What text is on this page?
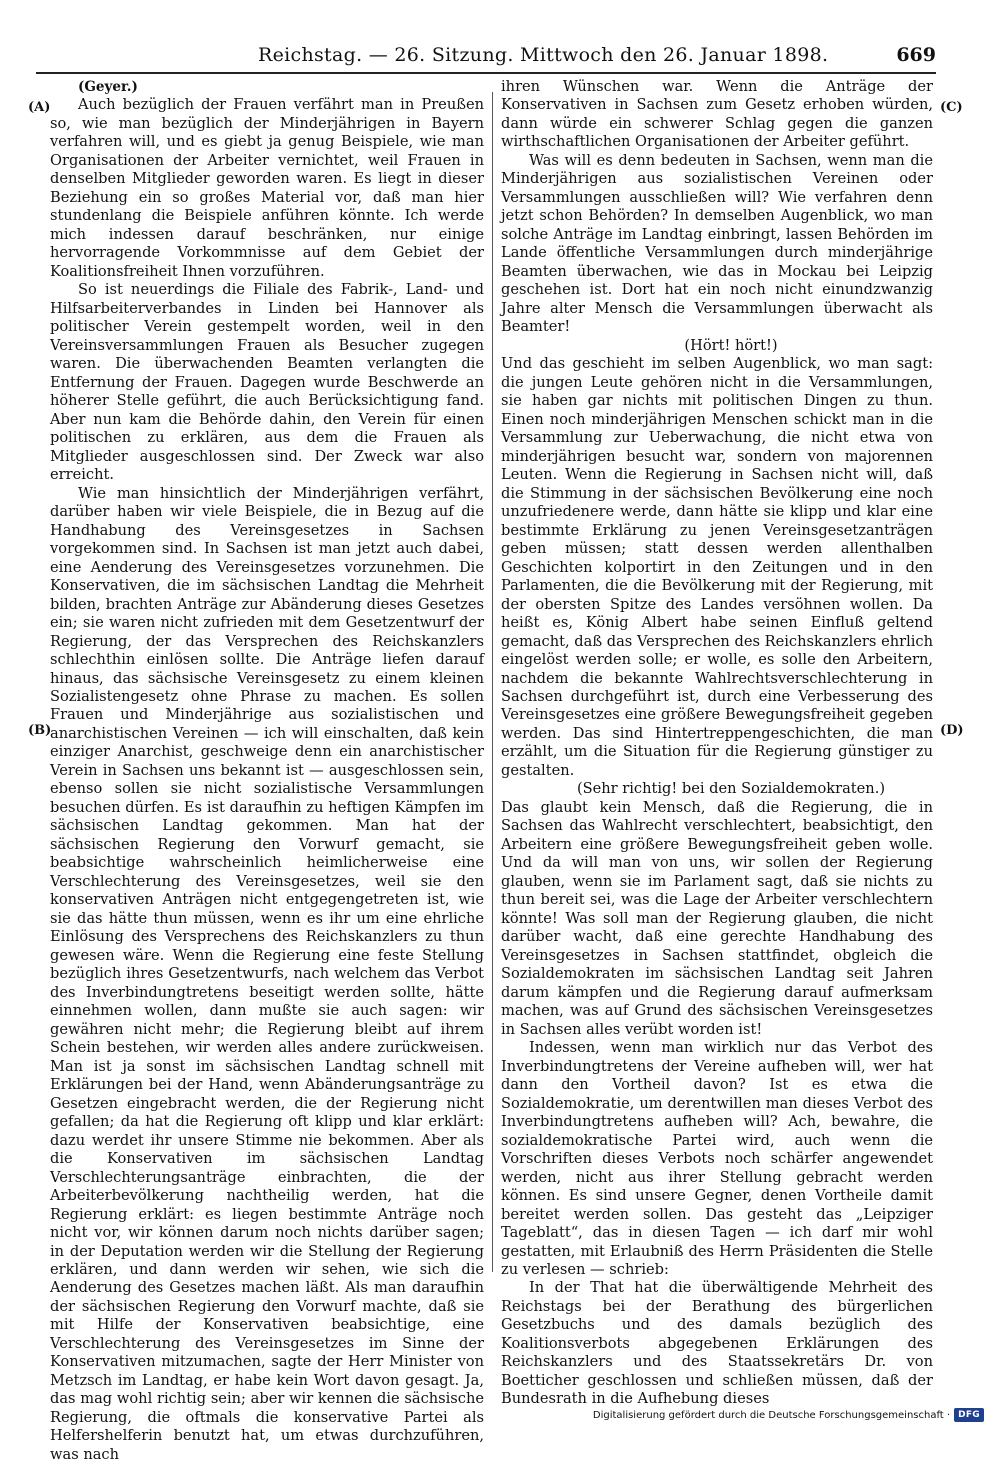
Reichstag. — 26. Sitzung. Mittwoch den 26. Januar 1898.	669
(A)
(B)
(C)
(D)

(Geyer.)

Auch bezüglich der Frauen verfährt man in Preußen so, wie man bezüglich der Minderjährigen in Bayern verfahren will, und es giebt ja genug Beispiele, wie man Organisationen der Arbeiter vernichtet, weil Frauen in denselben Mitglieder geworden waren. Es liegt in dieser Beziehung ein so großes Material vor, daß man hier stundenlang die Beispiele anführen könnte. Ich werde mich indessen darauf beschränken, nur einige hervorragende Vorkommnisse auf dem Gebiet der Koalitionsfreiheit Ihnen vorzuführen.

So ist neuerdings die Filiale des Fabrik-, Land- und Hilfsarbeiterverbandes in Linden bei Hannover als politischer Verein gestempelt worden, weil in den Vereinsversammlungen Frauen als Besucher zugegen waren. Die überwachenden Beamten verlangten die Entfernung der Frauen. Dagegen wurde Beschwerde an höherer Stelle geführt, die auch Berücksichtigung fand. Aber nun kam die Behörde dahin, den Verein für einen politischen zu erklären, aus dem die Frauen als Mitglieder ausgeschlossen sind. Der Zweck war also erreicht.

Wie man hinsichtlich der Minderjährigen verfährt, darüber haben wir viele Beispiele, die in Bezug auf die Handhabung des Vereinsgesetzes in Sachsen vorgekommen sind. In Sachsen ist man jetzt auch dabei, eine Aenderung des Vereinsgesetzes vorzunehmen. Die Konservativen, die im sächsischen Landtag die Mehrheit bilden, brachten Anträge zur Abänderung dieses Gesetzes ein; sie waren nicht zufrieden mit dem Gesetzentwurf der Regierung, der das Versprechen des Reichskanzlers schlechthin einlösen sollte. Die Anträge liefen darauf hinaus, das sächsische Vereinsgesetz zu einem kleinen Sozialistengesetz ohne Phrase zu machen. Es sollen Frauen und Minderjährige aus sozialistischen und anarchistischen Vereinen — ich will einschalten, daß kein einziger Anarchist, geschweige denn ein anarchistischer Verein in Sachsen uns bekannt ist — ausgeschlossen sein, ebenso sollen sie nicht sozialistische Versammlungen besuchen dürfen. Es ist daraufhin zu heftigen Kämpfen im sächsischen Landtag gekommen. Man hat der sächsischen Regierung den Vorwurf gemacht, sie beabsichtige wahrscheinlich heimlicherweise eine Verschlechterung des Vereinsgesetzes, weil sie den konservativen Anträgen nicht entgegengetreten ist, wie sie das hätte thun müssen, wenn es ihr um eine ehrliche Einlösung des Versprechens des Reichskanzlers zu thun gewesen wäre. Wenn die Regierung eine feste Stellung bezüglich ihres Gesetzentwurfs, nach welchem das Verbot des Inverbindungtretens beseitigt werden sollte, hätte einnehmen wollen, dann mußte sie auch sagen: wir gewähren nicht mehr; die Regierung bleibt auf ihrem Schein bestehen, wir werden alles andere zurückweisen. Man ist ja sonst im sächsischen Landtag schnell mit Erklärungen bei der Hand, wenn Abänderungsanträge zu Gesetzen eingebracht werden, die der Regierung nicht gefallen; da hat die Regierung oft klipp und klar erklärt: dazu werdet ihr unsere Stimme nie bekommen. Aber als die Konservativen im sächsischen Landtag Verschlechterungsanträge einbrachten, die der Arbeiterbevölkerung nachtheilig werden, hat die Regierung erklärt: es liegen bestimmte Anträge noch nicht vor, wir können darum noch nichts darüber sagen; in der Deputation werden wir die Stellung der Regierung erklären, und dann werden wir sehen, wie sich die Aenderung des Gesetzes machen läßt. Als man daraufhin der sächsischen Regierung den Vorwurf machte, daß sie mit Hilfe der Konservativen beabsichtige, eine Verschlechterung des Vereinsgesetzes im Sinne der Konservativen mitzumachen, sagte der Herr Minister von Metzsch im Landtag, er habe kein Wort davon gesagt. Ja, das mag wohl richtig sein; aber wir kennen die sächsische Regierung, die oftmals die konservative Partei als Helfershelferin benutzt hat, um etwas durchzuführen, was nach

ihren Wünschen war. Wenn die Anträge der Konservativen in Sachsen zum Gesetz erhoben würden, dann würde ein schwerer Schlag gegen die ganzen wirthschaftlichen Organisationen der Arbeiter geführt.

Was will es denn bedeuten in Sachsen, wenn man die Minderjährigen aus sozialistischen Vereinen oder Versammlungen ausschließen will? Wie verfahren denn jetzt schon Behörden? In demselben Augenblick, wo man solche Anträge im Landtag einbringt, lassen Behörden im Lande öffentliche Versammlungen durch minderjährige Beamten überwachen, wie das in Mockau bei Leipzig geschehen ist. Dort hat ein noch nicht einundzwanzig Jahre alter Mensch die Versammlungen überwacht als Beamter!

(Hört! hört!)

Und das geschieht im selben Augenblick, wo man sagt: die jungen Leute gehören nicht in die Versammlungen, sie haben gar nichts mit politischen Dingen zu thun. Einen noch minderjährigen Menschen schickt man in die Versammlung zur Ueberwachung, die nicht etwa von minderjährigen besucht war, sondern von majorennen Leuten. Wenn die Regierung in Sachsen nicht will, daß die Stimmung in der sächsischen Bevölkerung eine noch unzufriedenere werde, dann hätte sie klipp und klar eine bestimmte Erklärung zu jenen Vereinsgesetzanträgen geben müssen; statt dessen werden allenthalben Geschichten kolportirt in den Zeitungen und in den Parlamenten, die die Bevölkerung mit der Regierung, mit der obersten Spitze des Landes versöhnen wollen. Da heißt es, König Albert habe seinen Einfluß geltend gemacht, daß das Versprechen des Reichskanzlers ehrlich eingelöst werden solle; er wolle, es solle den Arbeitern, nachdem die bekannte Wahlrechtsverschlechterung in Sachsen durchgeführt ist, durch eine Verbesserung des Vereinsgesetzes eine größere Bewegungsfreiheit gegeben werden. Das sind Hintertreppengeschichten, die man erzählt, um die Situation für die Regierung günstiger zu gestalten.

(Sehr richtig! bei den Sozialdemokraten.)

Das glaubt kein Mensch, daß die Regierung, die in Sachsen das Wahlrecht verschlechtert, beabsichtigt, den Arbeitern eine größere Bewegungsfreiheit geben wolle. Und da will man von uns, wir sollen der Regierung glauben, wenn sie im Parlament sagt, daß sie nichts zu thun bereit sei, was die Lage der Arbeiter verschlechtern könnte! Was soll man der Regierung glauben, die nicht darüber wacht, daß eine gerechte Handhabung des Vereinsgesetzes in Sachsen stattfindet, obgleich die Sozialdemokraten im sächsischen Landtag seit Jahren darum kämpfen und die Regierung darauf aufmerksam machen, was auf Grund des sächsischen Vereinsgesetzes in Sachsen alles verübt worden ist!

Indessen, wenn man wirklich nur das Verbot des Inverbindungtretens der Vereine aufheben will, wer hat dann den Vortheil davon? Ist es etwa die Sozialdemokratie, um derentwillen man dieses Verbot des Inverbindungtretens aufheben will? Ach, bewahre, die sozialdemokratische Partei wird, auch wenn die Vorschriften dieses Verbots noch schärfer angewendet werden, nicht aus ihrer Stellung gebracht werden können. Es sind unsere Gegner, denen Vortheile damit bereitet werden sollen. Das gesteht das „Leipziger Tageblatt“, das in diesen Tagen — ich darf mir wohl gestatten, mit Erlaubniß des Herrn Präsidenten die Stelle zu verlesen — schrieb:

In der That hat die überwältigende Mehrheit des Reichstags bei der Berathung des bürgerlichen Gesetzbuchs und des damals bezüglich des Koalitionsverbots abgegebenen Erklärungen des Reichskanzlers und des Staatssekretärs Dr. von Boetticher geschlossen und schließen müssen, daß der Bundesrath in die Aufhebung dieses

Digitalisierung gefördert durch die Deutsche Forschungsgemeinschaft · DFG
